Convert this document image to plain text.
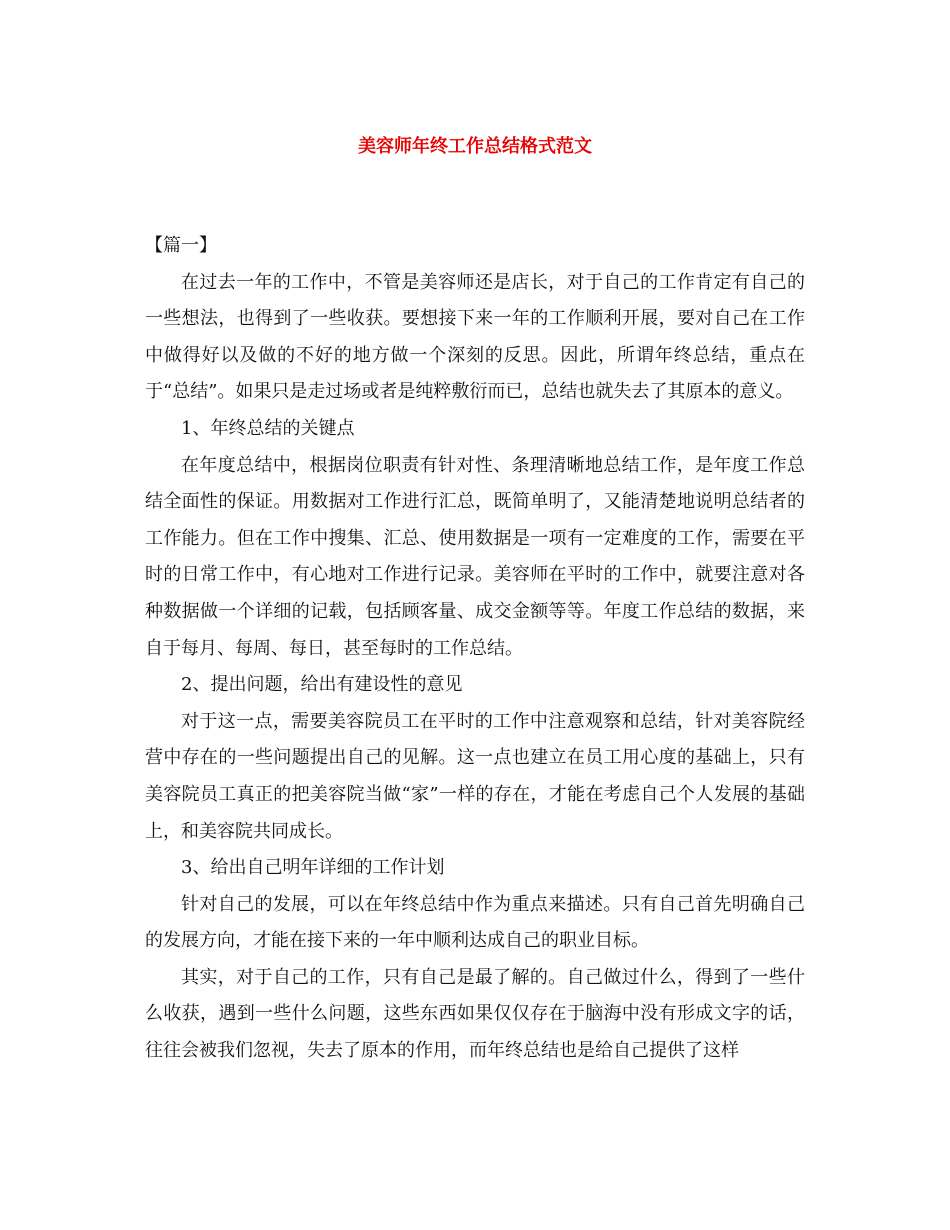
美容师年终工作总结格式范文

【篇一】

在过去一年的工作中，不管是美容师还是店长，对于自己的工作肯定有自己的一些想法，也得到了一些收获。要想接下来一年的工作顺利开展，要对自己在工作中做得好以及做的不好的地方做一个深刻的反思。因此，所谓年终总结，重点在于“总结”。如果只是走过场或者是纯粹敷衍而已，总结也就失去了其原本的意义。

1、年终总结的关键点

在年度总结中，根据岗位职责有针对性、条理清晰地总结工作，是年度工作总结全面性的保证。用数据对工作进行汇总，既简单明了，又能清楚地说明总结者的工作能力。但在工作中搜集、汇总、使用数据是一项有一定难度的工作，需要在平时的日常工作中，有心地对工作进行记录。美容师在平时的工作中，就要注意对各种数据做一个详细的记载，包括顾客量、成交金额等等。年度工作总结的数据，来自于每月、每周、每日，甚至每时的工作总结。

2、提出问题，给出有建设性的意见

对于这一点，需要美容院员工在平时的工作中注意观察和总结，针对美容院经营中存在的一些问题提出自己的见解。这一点也建立在员工用心度的基础上，只有美容院员工真正的把美容院当做“家”一样的存在，才能在考虑自己个人发展的基础上，和美容院共同成长。

3、给出自己明年详细的工作计划

针对自己的发展，可以在年终总结中作为重点来描述。只有自己首先明确自己的发展方向，才能在接下来的一年中顺利达成自己的职业目标。

其实，对于自己的工作，只有自己是最了解的。自己做过什么，得到了一些什么收获，遇到一些什么问题，这些东西如果仅仅存在于脑海中没有形成文字的话，往往会被我们忽视，失去了原本的作用，而年终总结也是给自己提供了这样
